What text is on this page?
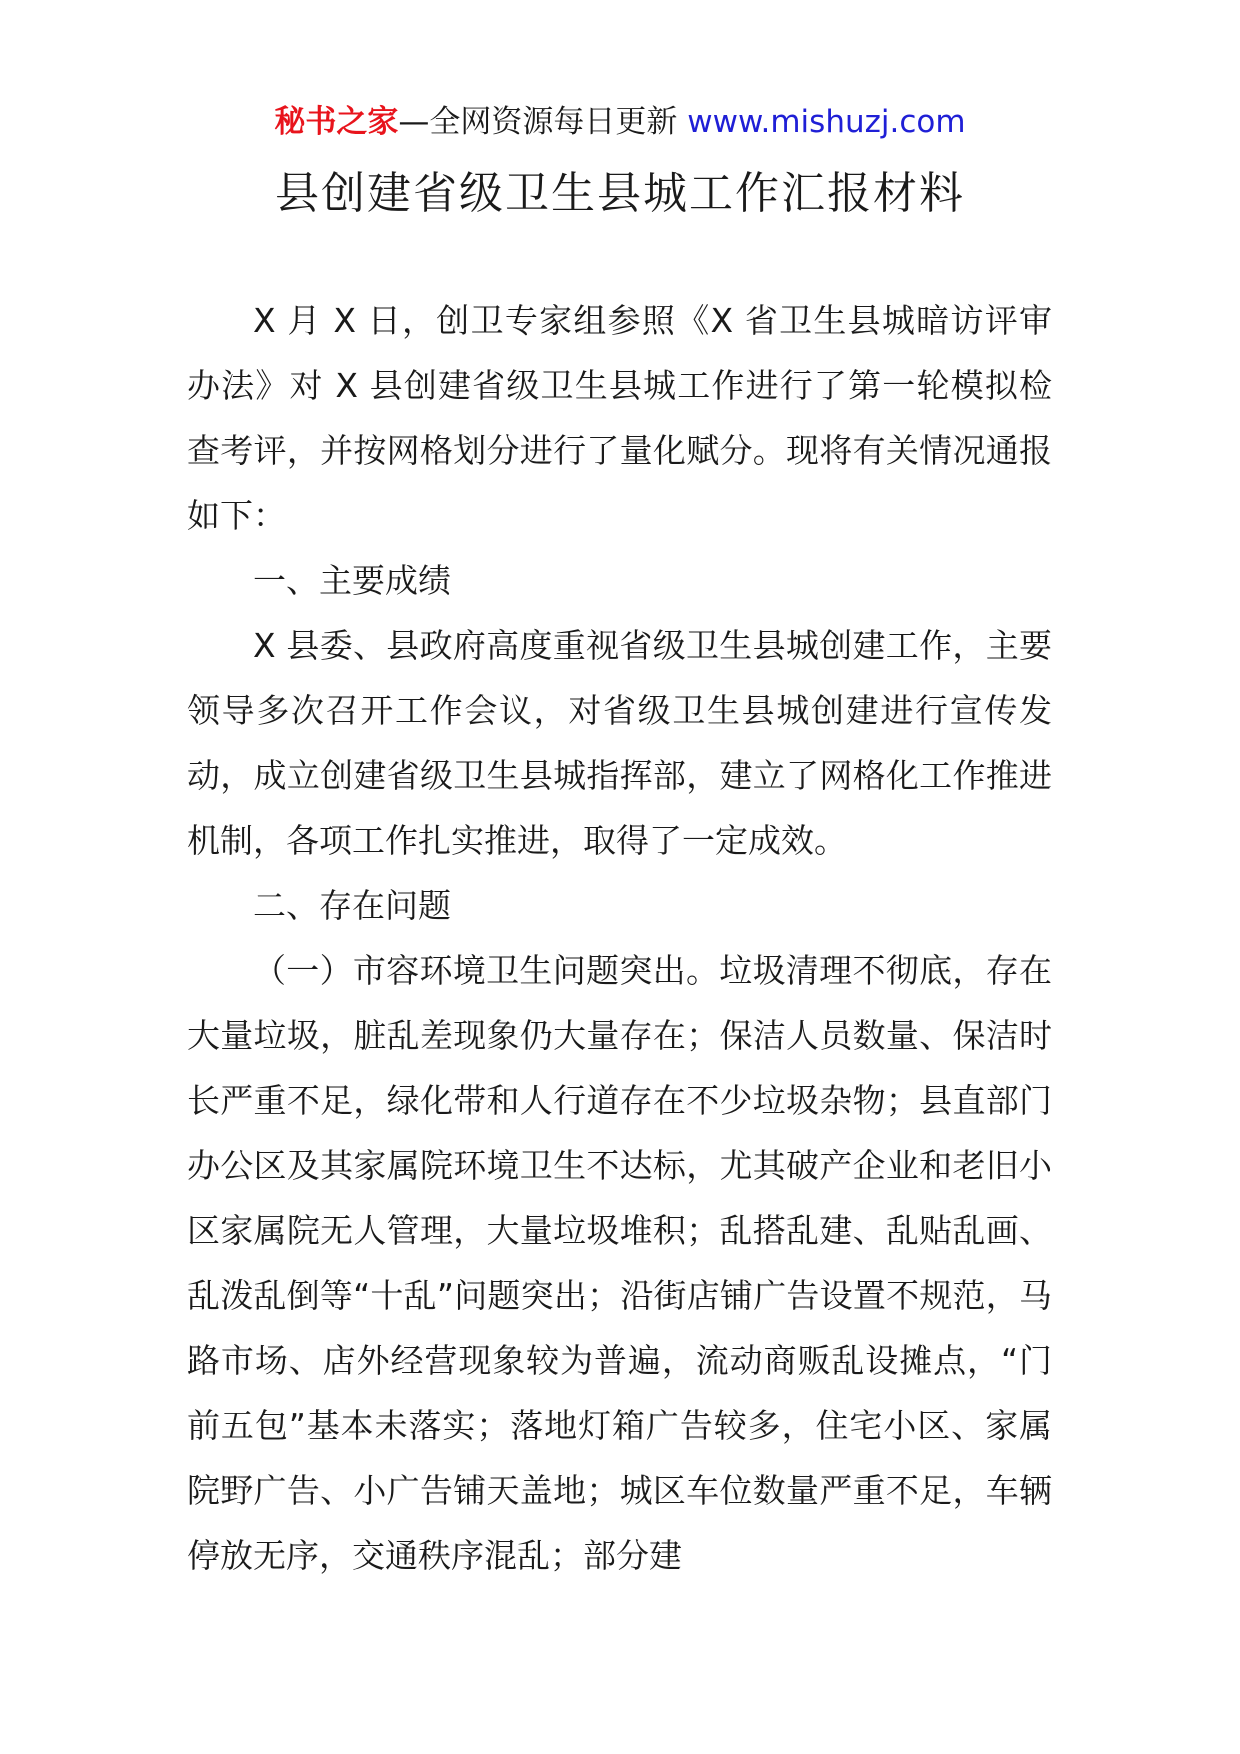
秘书之家—全网资源每日更新 www.mishuzj.com
县创建省级卫生县城工作汇报材料

X 月 X 日，创卫专家组参照《X 省卫生县城暗访评审办法》对 X 县创建省级卫生县城工作进行了第一轮模拟检查考评，并按网格划分进行了量化赋分。现将有关情况通报如下：

一、主要成绩

X 县委、县政府高度重视省级卫生县城创建工作，主要领导多次召开工作会议，对省级卫生县城创建进行宣传发动，成立创建省级卫生县城指挥部，建立了网格化工作推进机制，各项工作扎实推进，取得了一定成效。

二、存在问题

（一）市容环境卫生问题突出。垃圾清理不彻底，存在大量垃圾，脏乱差现象仍大量存在；保洁人员数量、保洁时长严重不足，绿化带和人行道存在不少垃圾杂物；县直部门办公区及其家属院环境卫生不达标，尤其破产企业和老旧小区家属院无人管理，大量垃圾堆积；乱搭乱建、乱贴乱画、乱泼乱倒等“十乱”问题突出；沿街店铺广告设置不规范，马路市场、店外经营现象较为普遍，流动商贩乱设摊点，“门前五包”基本未落实；落地灯箱广告较多，住宅小区、家属院野广告、小广告铺天盖地；城区车位数量严重不足，车辆停放无序，交通秩序混乱；部分建
